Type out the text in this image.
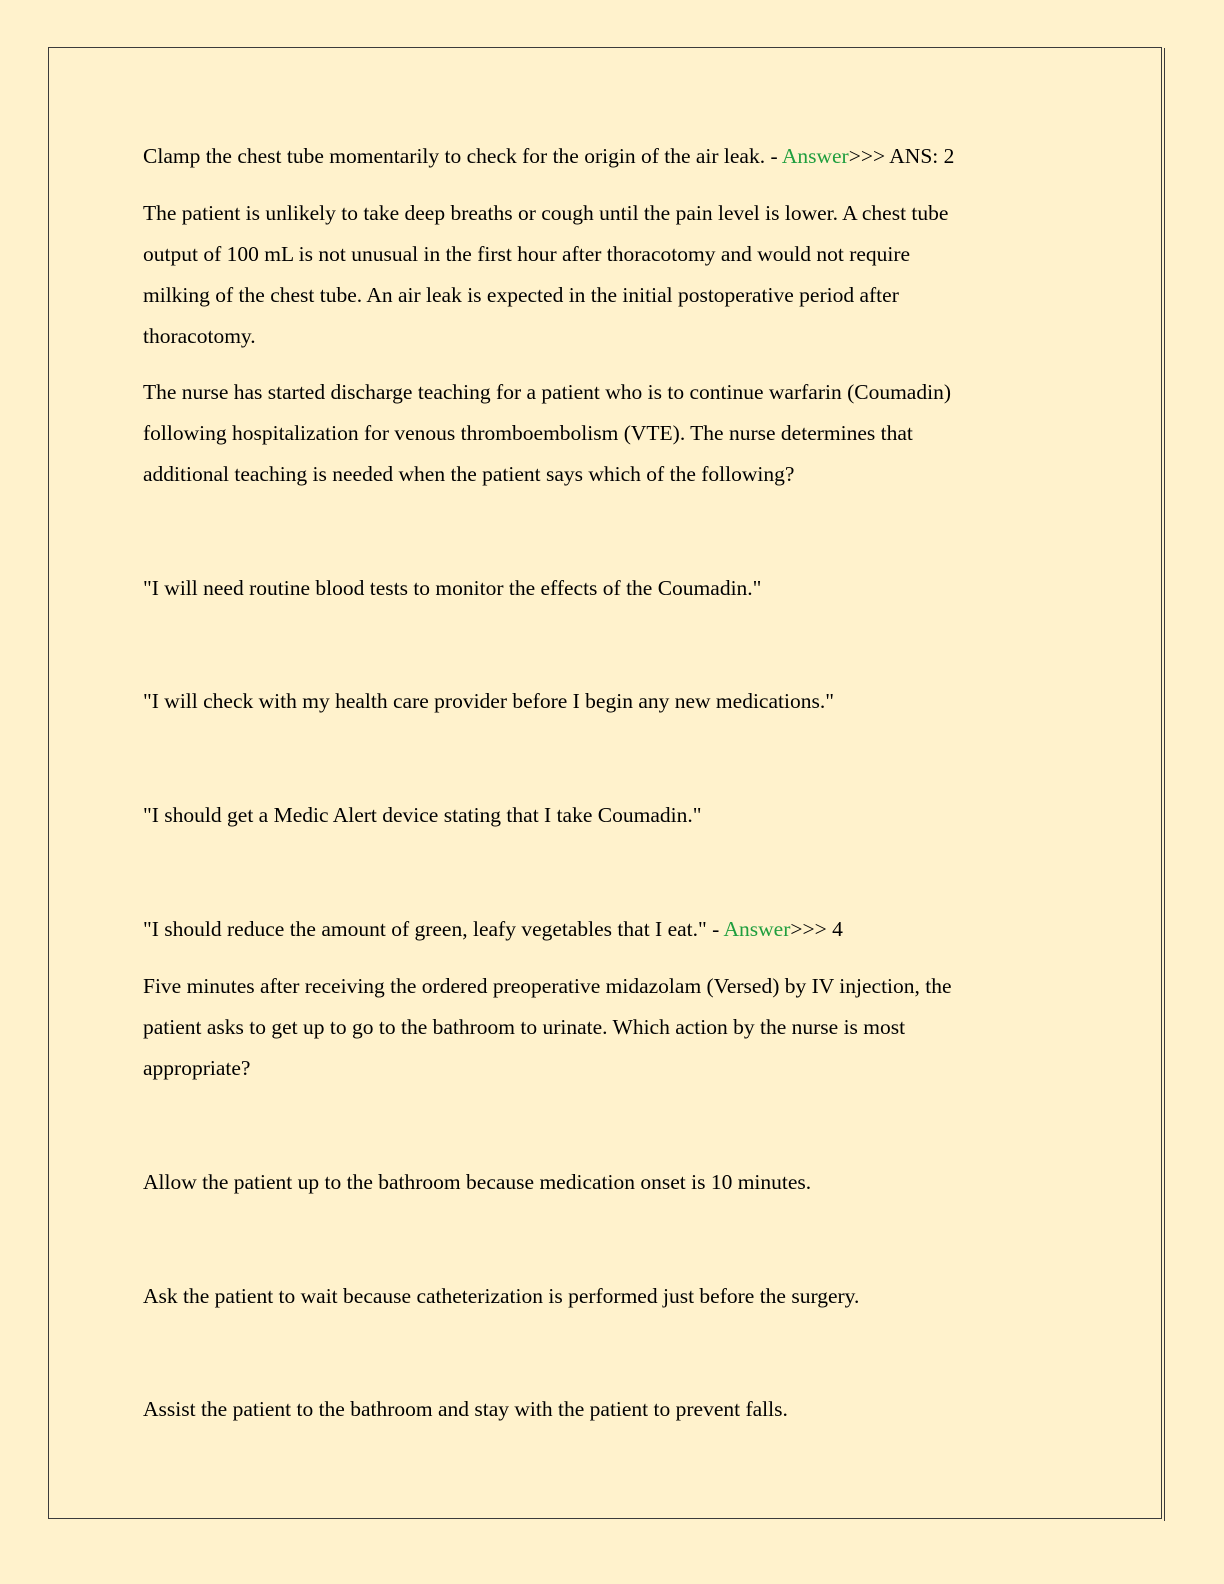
Clamp the chest tube momentarily to check for the origin of the air leak. - Answer>>> ANS: 2
The patient is unlikely to take deep breaths or cough until the pain level is lower. A chest tube
output of 100 mL is not unusual in the first hour after thoracotomy and would not require
milking of the chest tube. An air leak is expected in the initial postoperative period after
thoracotomy.
The nurse has started discharge teaching for a patient who is to continue warfarin (Coumadin)
following hospitalization for venous thromboembolism (VTE). The nurse determines that
additional teaching is needed when the patient says which of the following?
"I will need routine blood tests to monitor the effects of the Coumadin."
"I will check with my health care provider before I begin any new medications."
"I should get a Medic Alert device stating that I take Coumadin."
"I should reduce the amount of green, leafy vegetables that I eat." - Answer>>> 4
Five minutes after receiving the ordered preoperative midazolam (Versed) by IV injection, the
patient asks to get up to go to the bathroom to urinate. Which action by the nurse is most
appropriate?
Allow the patient up to the bathroom because medication onset is 10 minutes.
Ask the patient to wait because catheterization is performed just before the surgery.
Assist the patient to the bathroom and stay with the patient to prevent falls.
